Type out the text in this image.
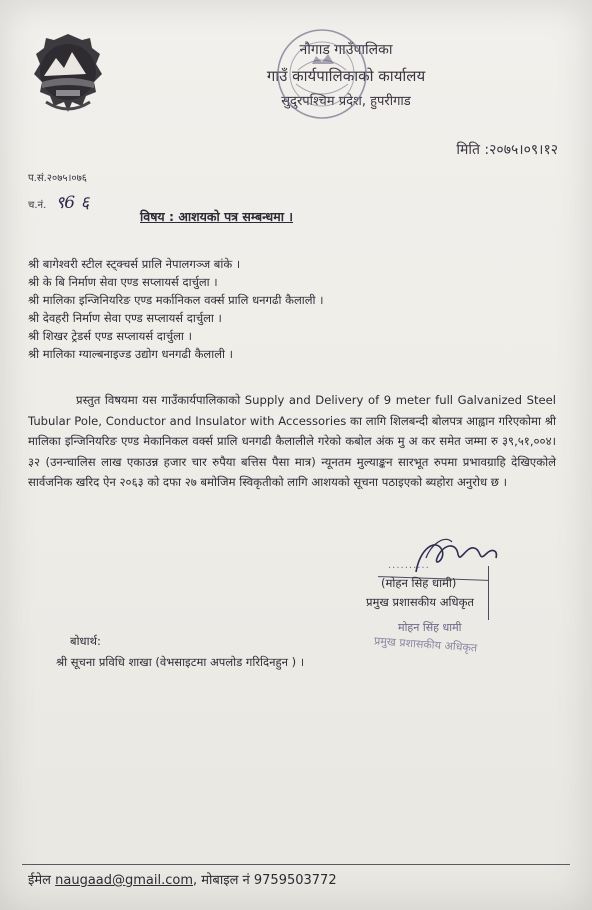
नौगाड गाउँपालिका
गाउँ कार्यपालिकाको कार्यालय
सुदुरपश्चिम प्रदेश, हुपरीगाड
मिति :२०७५।०९।१२
प.सं.२०७५।०७६
च.नं. ९6 ६
विषय : आशयको पत्र सम्बन्धमा ।
श्री बागेश्वरी स्टील स्ट्क्चर्स प्रालि नेपालगञ्ज बांके ।
श्री के बि निर्माण सेवा एण्ड सप्लायर्स दार्चुला ।
श्री मालिका इन्जिनियरिङ एण्ड मर्कानिकल वर्क्स प्रालि धनगढी कैलाली ।
श्री देवहरी निर्माण सेवा एण्ड सप्लायर्स दार्चुला ।
श्री शिखर ट्रेडर्स एण्ड सप्लायर्स दार्चुला ।
श्री मालिका ग्याल्बनाइज्ड उद्योग धनगढी कैलाली ।
प्रस्तुत विषयमा यस गाउँकार्यपालिकाको Supply and Delivery of 9 meter full Galvanized Steel Tubular Pole, Conductor and Insulator with Accessories का लागि शिलबन्दी बोलपत्र आह्वान गरिएकोमा श्री मालिका इन्जिनियरिङ एण्ड मेकानिकल वर्क्स प्रालि धनगढी कैलालीले गरेको कबोल अंक मु अ कर समेत जम्मा रु ३९,५१,००४।३२ (उनन्चालिस लाख एकाउन्न हजार चार रुपैया बत्तिस पैसा मात्र) न्यूनतम मुल्याङ्कन सारभूत रुपमा प्रभावग्राहि देखिएकोले सार्वजनिक खरिद ऐन २०६३ को दफा २७ बमोजिम स्विकृतीको लागि आशयको सूचना पठाइएको ब्यहोरा अनुरोध छ ।
..........
(मोहन सिह धामी)
प्रमुख प्रशासकीय अधिकृत
मोहन सिंह धामी
प्रमुख प्रशासकीय अधिकृत
बोधार्थ:
श्री सूचना प्रविधि शाखा (वेभसाइटमा अपलोड गरिदिनहुन ) ।
ईमेल naugaad@gmail.com, मोबाइल नं 9759503772
